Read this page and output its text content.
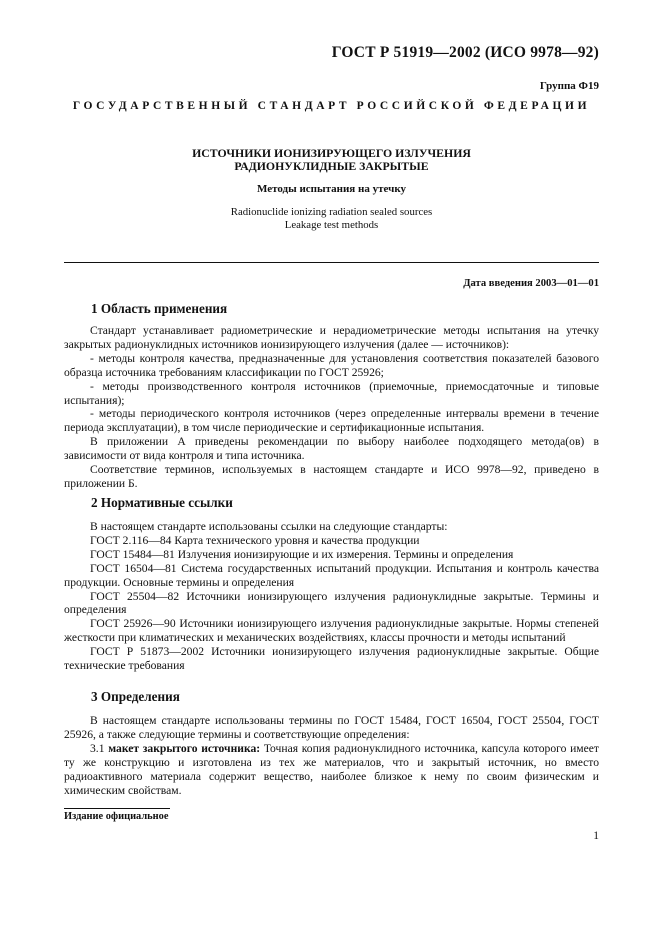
ГОСТ Р 51919—2002 (ИСО 9978—92)
Группа Ф19
ГОСУДАРСТВЕННЫЙ СТАНДАРТ РОССИЙСКОЙ ФЕДЕРАЦИИ
ИСТОЧНИКИ ИОНИЗИРУЮЩЕГО ИЗЛУЧЕНИЯ
РАДИОНУКЛИДНЫЕ ЗАКРЫТЫЕ
Методы испытания на утечку
Radionuclide ionizing radiation sealed sources
Leakage test methods
Дата введения 2003—01—01
1 Область применения

Стандарт устанавливает радиометрические и нерадиометрические методы испытания на утечку закрытых радионуклидных источников ионизирующего излучения (далее — источников):

- методы контроля качества, предназначенные для установления соответствия показателей базового образца источника требованиям классификации по ГОСТ 25926;

- методы производственного контроля источников (приемочные, приемосдаточные и типовые испытания);

- методы периодического контроля источников (через определенные интервалы времени в течение периода эксплуатации), в том числе периодические и сертификационные испытания.

В приложении А приведены рекомендации по выбору наиболее подходящего метода(ов) в зависимости от вида контроля и типа источника.

Соответствие терминов, используемых в настоящем стандарте и ИСО 9978—92, приведено в приложении Б.

2 Нормативные ссылки

В настоящем стандарте использованы ссылки на следующие стандарты:

ГОСТ 2.116—84 Карта технического уровня и качества продукции

ГОСТ 15484—81 Излучения ионизирующие и их измерения. Термины и определения

ГОСТ 16504—81 Система государственных испытаний продукции. Испытания и контроль качества продукции. Основные термины и определения

ГОСТ 25504—82 Источники ионизирующего излучения радионуклидные закрытые. Термины и определения

ГОСТ 25926—90 Источники ионизирующего излучения радионуклидные закрытые. Нормы степеней жесткости при климатических и механических воздействиях, классы прочности и методы испытаний

ГОСТ Р 51873—2002 Источники ионизирующего излучения радионуклидные закрытые. Общие технические требования

3 Определения

В настоящем стандарте использованы термины по ГОСТ 15484, ГОСТ 16504, ГОСТ 25504, ГОСТ 25926, а также следующие термины и соответствующие определения:

3.1 макет закрытого источника: Точная копия радионуклидного источника, капсула которого имеет ту же конструкцию и изготовлена из тех же материалов, что и закрытый источник, но вместо радиоактивного материала содержит вещество, наиболее близкое к нему по своим физическим и химическим свойствам.

Издание официальное
1
